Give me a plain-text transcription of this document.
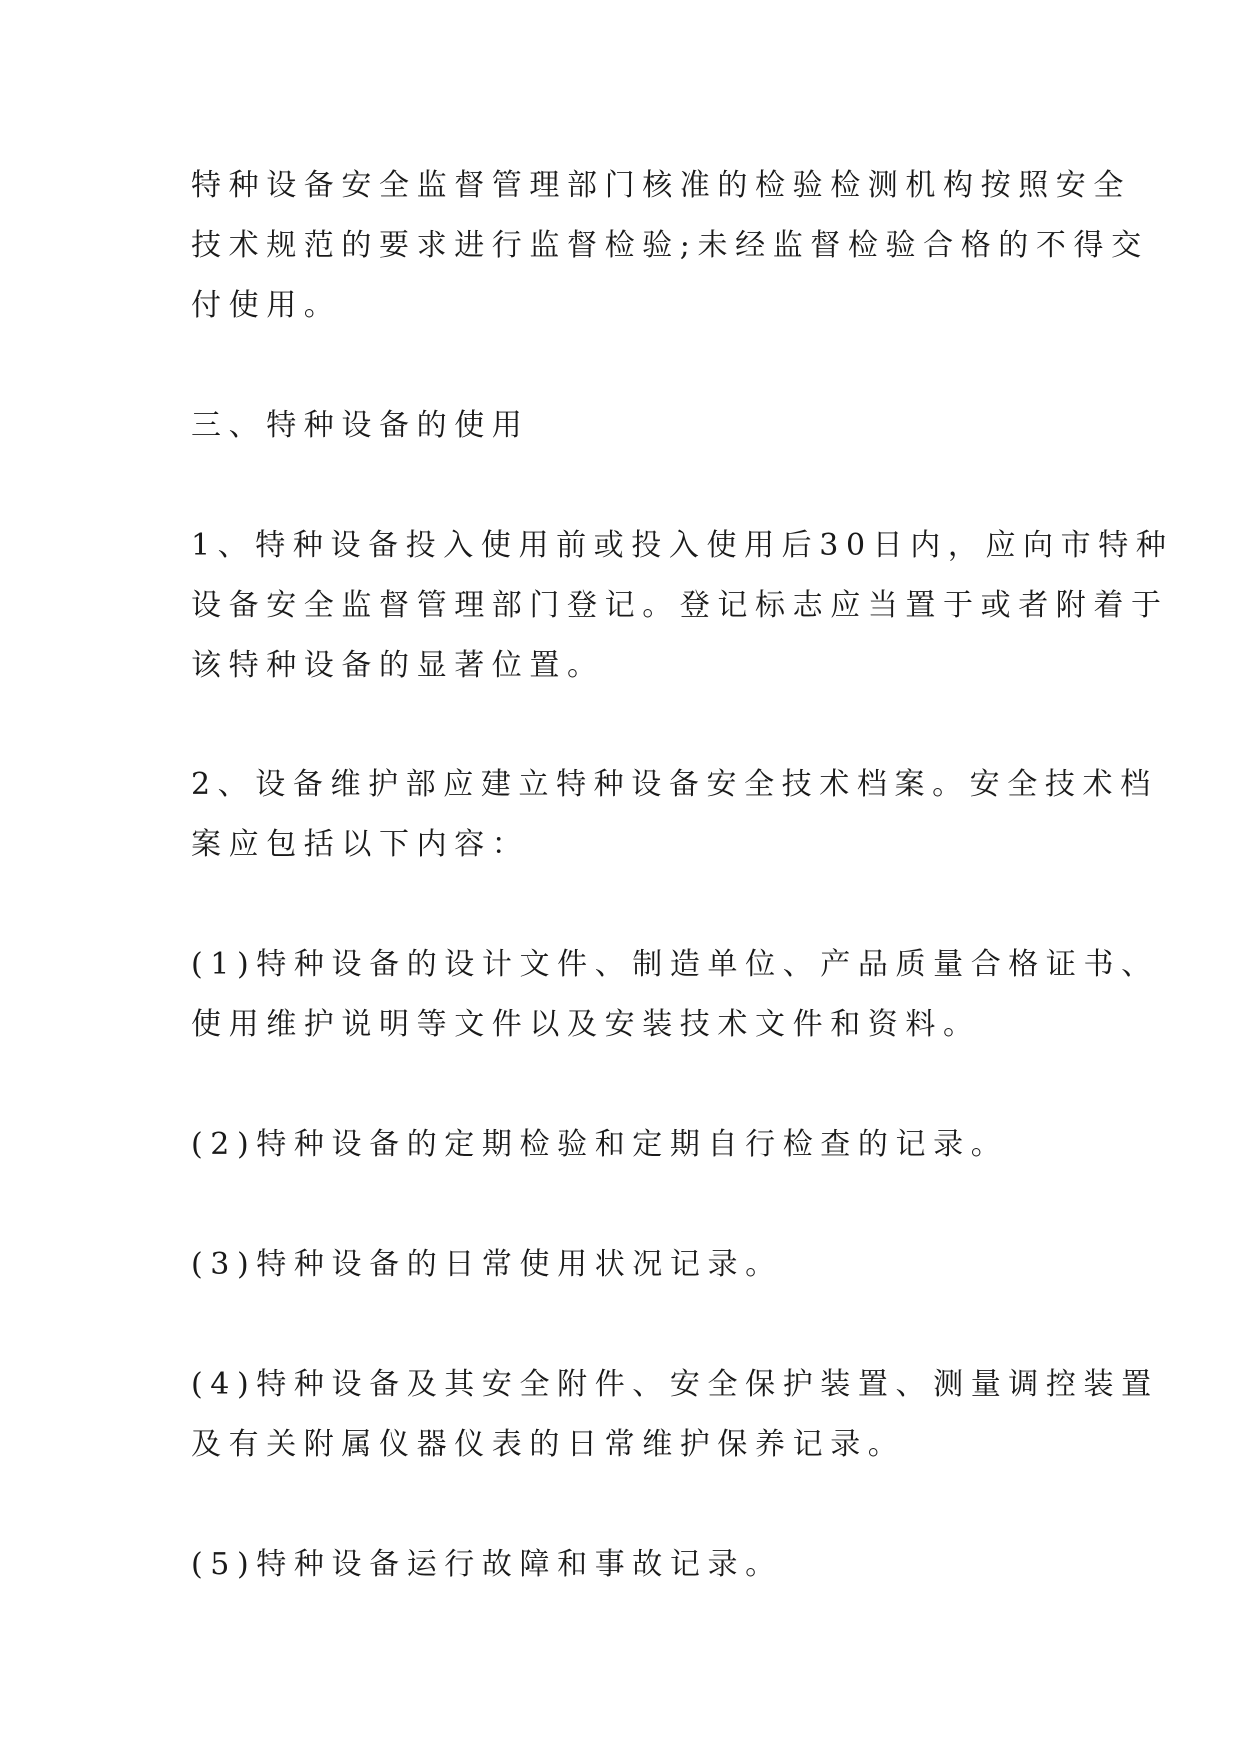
特种设备安全监督管理部门核准的检验检测机构按照安全
技术规范的要求进行监督检验;未经监督检验合格的不得交
付使用。

三、特种设备的使用

1、特种设备投入使用前或投入使用后30日内，应向市特种
设备安全监督管理部门登记。登记标志应当置于或者附着于
该特种设备的显著位置。

2、设备维护部应建立特种设备安全技术档案。安全技术档
案应包括以下内容：

(1)特种设备的设计文件、制造单位、产品质量合格证书、
使用维护说明等文件以及安装技术文件和资料。

(2)特种设备的定期检验和定期自行检查的记录。

(3)特种设备的日常使用状况记录。

(4)特种设备及其安全附件、安全保护装置、测量调控装置
及有关附属仪器仪表的日常维护保养记录。

(5)特种设备运行故障和事故记录。
